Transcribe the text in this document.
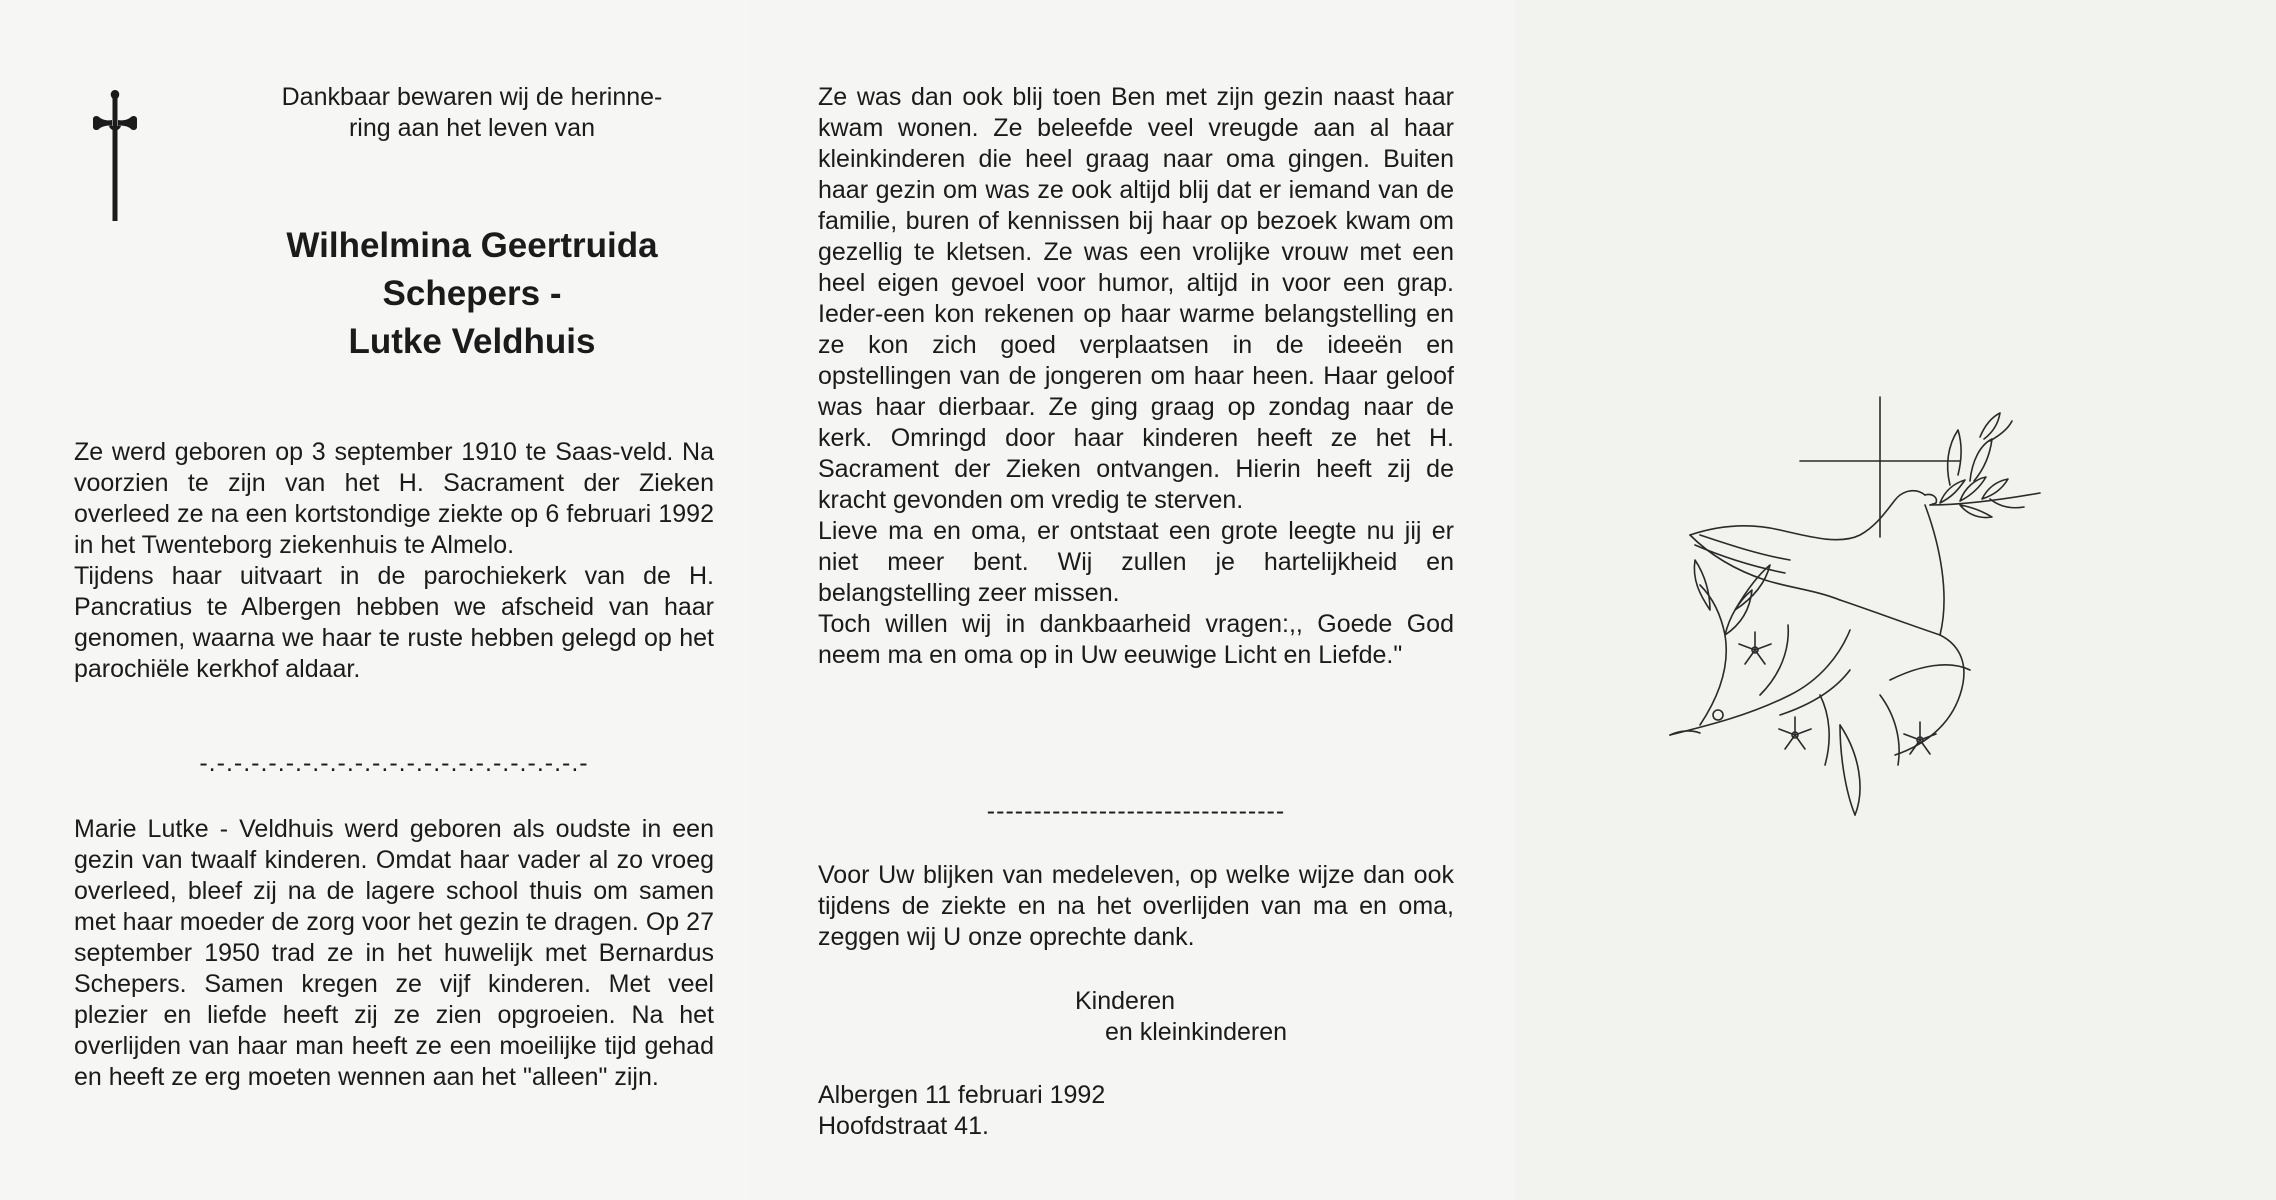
Dankbaar bewaren wij de herinne-
ring aan het leven van
Wilhelmina Geertruida
Schepers -
Lutke Veldhuis

Ze werd geboren op 3 september 1910 te Saas-veld. Na voorzien te zijn van het H. Sacrament der Zieken overleed ze na een kortstondige ziekte op 6 februari 1992 in het Twenteborg ziekenhuis te Almelo.
Tijdens haar uitvaart in de parochiekerk van de H. Pancratius te Albergen hebben we afscheid van haar genomen, waarna we haar te ruste hebben gelegd op het parochiële kerkhof aldaar.

-.-.-.-.-.-.-.-.-.-.-.-.-.-.-.-.-.-.-.-.-.-.-

Marie Lutke - Veldhuis werd geboren als oudste in een gezin van twaalf kinderen. Omdat haar vader al zo vroeg overleed, bleef zij na de lagere school thuis om samen met haar moeder de zorg voor het gezin te dragen. Op 27 september 1950 trad ze in het huwelijk met Bernardus Schepers. Samen kregen ze vijf kinderen. Met veel plezier en liefde heeft zij ze zien opgroeien. Na het overlijden van haar man heeft ze een moeilijke tijd gehad en heeft ze erg moeten wennen aan het "alleen" zijn.

Ze was dan ook blij toen Ben met zijn gezin naast haar kwam wonen. Ze beleefde veel vreugde aan al haar kleinkinderen die heel graag naar oma gingen. Buiten haar gezin om was ze ook altijd blij dat er iemand van de familie, buren of kennissen bij haar op bezoek kwam om gezellig te kletsen. Ze was een vrolijke vrouw met een heel eigen gevoel voor humor, altijd in voor een grap. Ieder-een kon rekenen op haar warme belangstelling en ze kon zich goed verplaatsen in de ideeën en opstellingen van de jongeren om haar heen. Haar geloof was haar dierbaar. Ze ging graag op zondag naar de kerk. Omringd door haar kinderen heeft ze het H. Sacrament der Zieken ontvangen. Hierin heeft zij de kracht gevonden om vredig te sterven.
Lieve ma en oma, er ontstaat een grote leegte nu jij er niet meer bent. Wij zullen je hartelijkheid en belangstelling zeer missen.
Toch willen wij in dankbaarheid vragen:,, Goede God neem ma en oma op in Uw eeuwige Licht en Liefde."

--------------------------------

Voor Uw blijken van medeleven, op welke wijze dan ook tijdens de ziekte en na het overlijden van ma en oma, zeggen wij U onze oprechte dank.

Kinderen
en kleinkinderen
Albergen 11 februari 1992
Hoofdstraat 41.
